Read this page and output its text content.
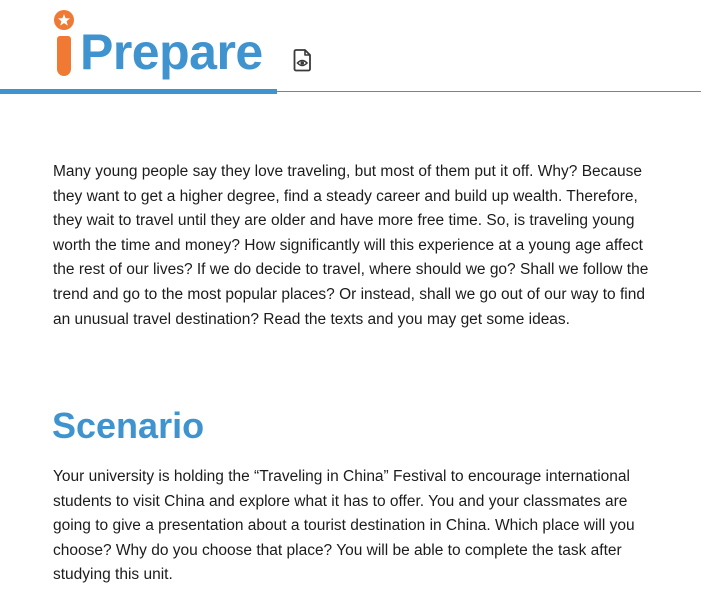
Prepare

Many young people say they love traveling, but most of them put it off. Why? Because they want to get a higher degree, find a steady career and build up wealth. Therefore, they wait to travel until they are older and have more free time. So, is traveling young worth the time and money? How significantly will this experience at a young age affect the rest of our lives? If we do decide to travel, where should we go? Shall we follow the trend and go to the most popular places? Or instead, shall we go out of our way to find an unusual travel destination? Read the texts and you may get some ideas.

Scenario

Your university is holding the “Traveling in China” Festival to encourage international students to visit China and explore what it has to offer. You and your classmates are going to give a presentation about a tourist destination in China. Which place will you choose? Why do you choose that place? You will be able to complete the task after studying this unit.
